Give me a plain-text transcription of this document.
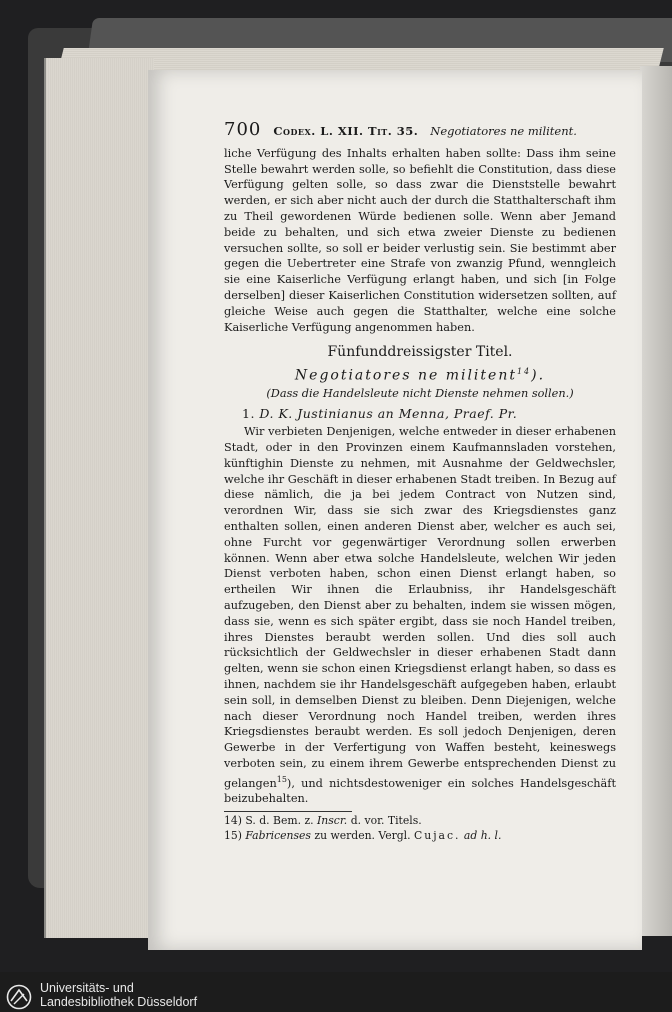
700 Codex. L. XII. Tit. 35. Negotiatores ne militent.

liche Verfügung des Inhalts erhalten haben sollte: Dass ihm seine Stelle bewahrt werden solle, so befiehlt die Constitution, dass diese Verfügung gelten solle, so dass zwar die Dienststelle bewahrt werden, er sich aber nicht auch der durch die Statthalterschaft ihm zu Theil gewordenen Würde bedienen solle. Wenn aber Jemand beide zu behalten, und sich etwa zweier Dienste zu bedienen versuchen sollte, so soll er beider verlustig sein. Sie bestimmt aber gegen die Uebertreter eine Strafe von zwanzig Pfund, wenngleich sie eine Kaiserliche Verfügung erlangt haben, und sich [in Folge derselben] dieser Kaiserlichen Constitution widersetzen sollten, auf gleiche Weise auch gegen die Statthalter, welche eine solche Kaiserliche Verfügung angenommen haben.

Fünfunddreissigster Titel.
Negotiatores ne militent$^{14}$).
(Dass die Handelsleute nicht Dienste nehmen sollen.)
1. D. K. Justinianus an Menna, Praef. Pr.

Wir verbieten Denjenigen, welche entweder in dieser erhabenen Stadt, oder in den Provinzen einem Kaufmannsladen vorstehen, künftighin Dienste zu nehmen, mit Ausnahme der Geldwechsler, welche ihr Geschäft in dieser erhabenen Stadt treiben. In Bezug auf diese nämlich, die ja bei jedem Contract von Nutzen sind, verordnen Wir, dass sie sich zwar des Kriegsdienstes ganz enthalten sollen, einen anderen Dienst aber, welcher es auch sei, ohne Furcht vor gegenwärtiger Verordnung sollen erwerben können. Wenn aber etwa solche Handelsleute, welchen Wir jeden Dienst verboten haben, schon einen Dienst erlangt haben, so ertheilen Wir ihnen die Erlaubniss, ihr Handelsgeschäft aufzugeben, den Dienst aber zu behalten, indem sie wissen mögen, dass sie, wenn es sich später ergibt, dass sie noch Handel treiben, ihres Dienstes beraubt werden sollen. Und dies soll auch rücksichtlich der Geldwechsler in dieser erhabenen Stadt dann gelten, wenn sie schon einen Kriegsdienst erlangt haben, so dass es ihnen, nachdem sie ihr Handelsgeschäft aufgegeben haben, erlaubt sein soll, in demselben Dienst zu bleiben. Denn Diejenigen, welche nach dieser Verordnung noch Handel treiben, werden ihres Kriegsdienstes beraubt werden. Es soll jedoch Denjenigen, deren Gewerbe in der Verfertigung von Waffen besteht, keineswegs verboten sein, zu einem ihrem Gewerbe entsprechenden Dienst zu gelangen$^{15}$), und nichtsdestoweniger ein solches Handelsgeschäft beizubehalten.

14) S. d. Bem. z. Inscr. d. vor. Titels.

15) Fabricenses zu werden. Vergl. Cujac. ad h. l.

Universitäts- und
Landesbibliothek Düsseldorf
